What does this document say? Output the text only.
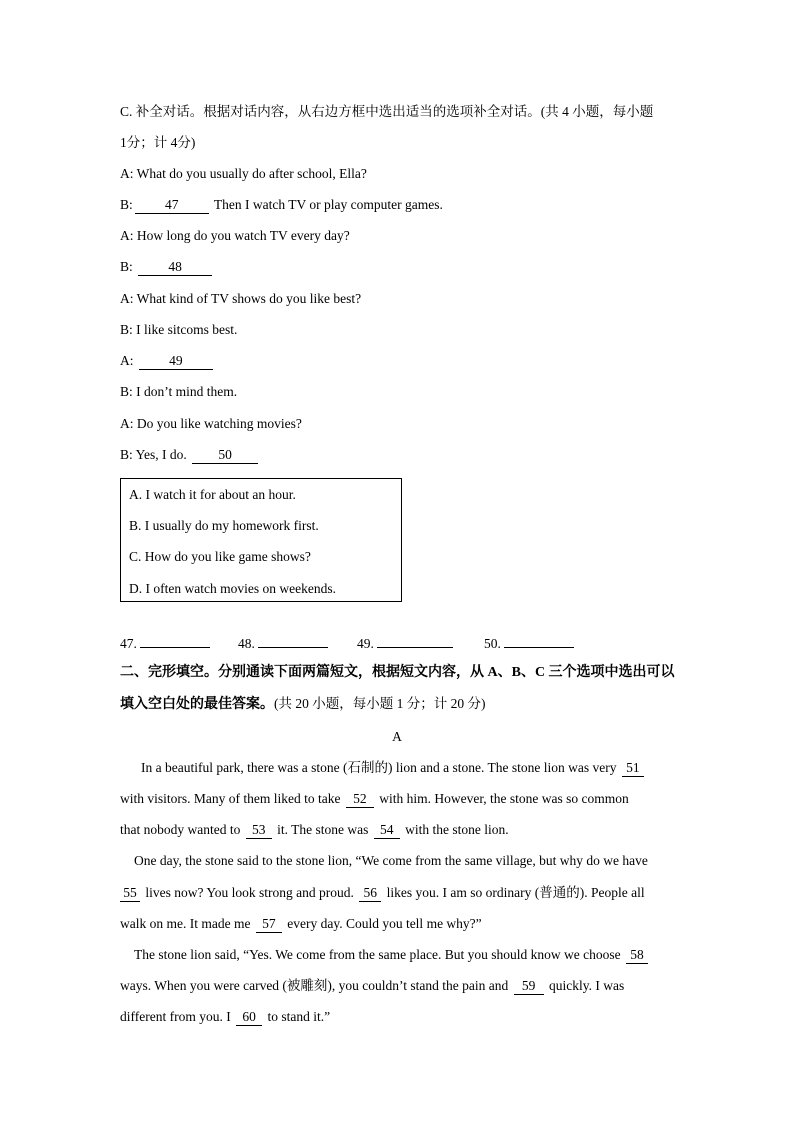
C. 补全对话。根据对话内容，从右边方框中选出适当的选项补全对话。(共 4 小题，每小题
1分；计 4分)
A: What do you usually do after school, Ella?
B: 47	Then I watch TV or play computer games.
A: How long do you watch TV every day?
B:	48
A: What kind of TV shows do you like best?
B: I like sitcoms best.
A:	49
B: I don’t mind them.
A: Do you like watching movies?
B: Yes, I do. 50
A. I watch it for about an hour.
B. I usually do my homework first.
C. How do you like game shows?
D. I often watch movies on weekends.
47.	48.	49.	50.
二、完形填空。分别通读下面两篇短文，根据短文内容，从 A、B、C 三个选项中选出可以
填入空白处的最佳答案。(共 20 小题，每小题 1 分；计 20 分)
A
In a beautiful park, there was a stone (石制的) lion and a stone. The stone lion was very 51
with visitors. Many of them liked to take 52 with him. However, the stone was so common
that nobody wanted to 53 it. The stone was 54 with the stone lion.
One day, the stone said to the stone lion, “We come from the same village, but why do we have
55 lives now? You look strong and proud. 56 likes you. I am so ordinary (普通的). People all
walk on me. It made me 57 every day. Could you tell me why?”
The stone lion said, “Yes. We come from the same place. But you should know we choose 58
ways. When you were carved (被雕刻), you couldn’t stand the pain and 59 quickly. I was
different from you. I 60 to stand it.”
